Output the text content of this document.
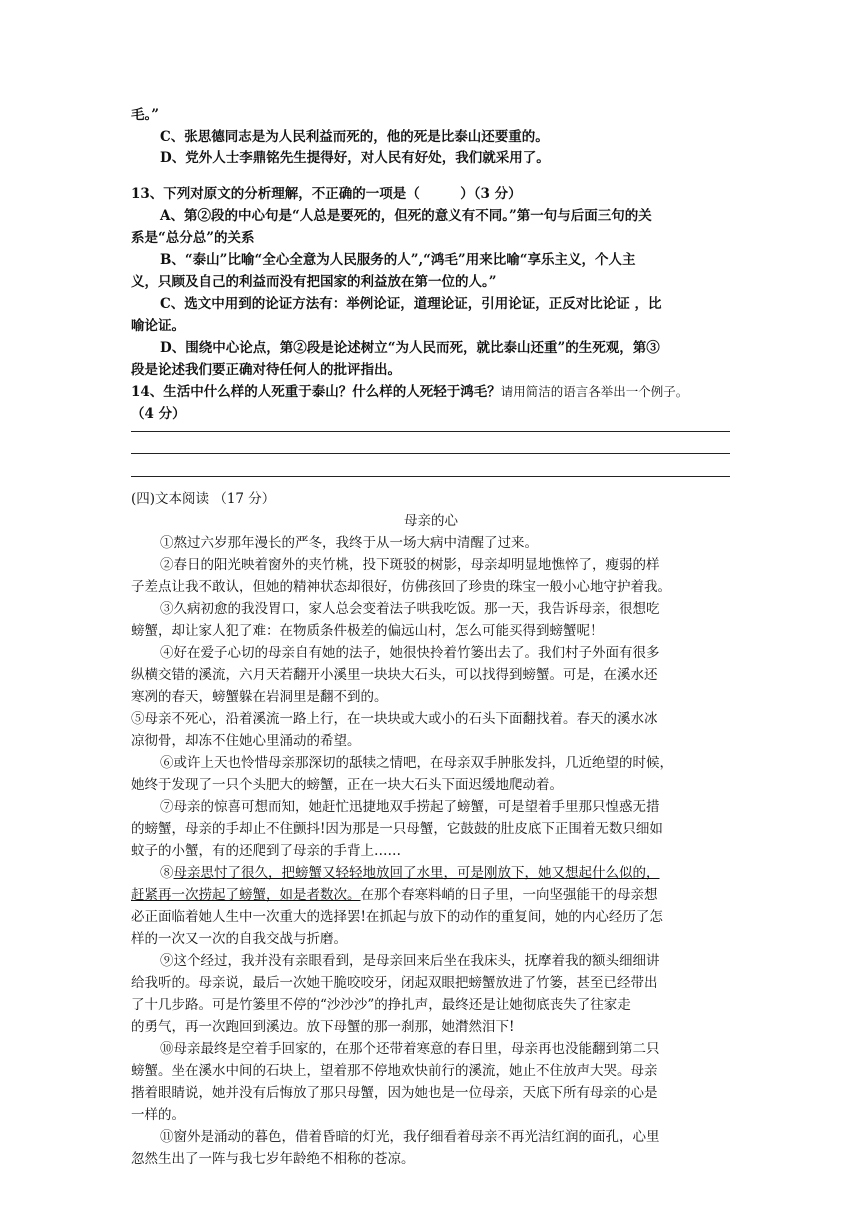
毛。”
C、张思德同志是为人民利益而死的，他的死是比泰山还要重的。
D、党外人士李鼎铭先生提得好，对人民有好处，我们就采用了。
13、下列对原文的分析理解，不正确的一项是（　　　）（3 分）
A、第②段的中心句是“人总是要死的，但死的意义有不同。”第一句与后面三句的关
系是“总分总”的关系
B、“泰山”比喻“全心全意为人民服务的人”,“鸿毛”用来比喻“享乐主义，个人主
义，只顾及自己的利益而没有把国家的利益放在第一位的人。”
C、选文中用到的论证方法有：举例论证，道理论证，引用论证，正反对比论证 ，比
喻论证。
D、围绕中心论点，第②段是论述树立“为人民而死，就比泰山还重”的生死观，第③
段是论述我们要正确对待任何人的批评指出。
14、生活中什么样的人死重于泰山？什么样的人死轻于鸿毛？请用简洁的语言各举出一个例子。
（4 分）
(四)文本阅读 （17 分）
母亲的心
①熬过六岁那年漫长的严冬，我终于从一场大病中清醒了过来。
②春日的阳光映着窗外的夹竹桃，投下斑驳的树影，母亲却明显地憔悴了，瘦弱的样
子差点让我不敢认，但她的精神状态却很好，仿佛孩回了珍贵的珠宝一般小心地守护着我。
③久病初愈的我没胃口，家人总会变着法子哄我吃饭。那一天，我告诉母亲，很想吃
螃蟹，却让家人犯了难：在物质条件极差的偏远山村，怎么可能买得到螃蟹呢！
④好在爱子心切的母亲自有她的法子，她很快拎着竹篓出去了。我们村子外面有很多
纵横交错的溪流，六月天若翻开小溪里一块块大石头，可以找得到螃蟹。可是，在溪水还
寒冽的春天，螃蟹躲在岩洞里是翻不到的。
⑤母亲不死心，沿着溪流一路上行，在一块块或大或小的石头下面翻找着。春天的溪水冰
凉彻骨，却冻不住她心里涌动的希望。
⑥或许上天也怜惜母亲那深切的舐犊之情吧，在母亲双手肿胀发抖，几近绝望的时候，
她终于发现了一只个头肥大的螃蟹，正在一块大石头下面迟缓地爬动着。
⑦母亲的惊喜可想而知，她赶忙迅捷地双手捞起了螃蟹，可是望着手里那只惶惑无措
的螃蟹，母亲的手却止不住颤抖!因为那是一只母蟹，它鼓鼓的肚皮底下正围着无数只细如
蚊子的小蟹，有的还爬到了母亲的手背上……
⑧母亲思忖了很久，把螃蟹又轻轻地放回了水里，可是刚放下，她又想起什么似的，
赶紧再一次捞起了螃蟹，如是者数次。在那个春寒料峭的日子里，一向坚强能干的母亲想
必正面临着她人生中一次重大的选择罢!在抓起与放下的动作的重复间，她的内心经历了怎
样的一次又一次的自我交战与折磨。
⑨这个经过，我并没有亲眼看到，是母亲回来后坐在我床头，抚摩着我的额头细细讲
给我听的。母亲说，最后一次她干脆咬咬牙，闭起双眼把螃蟹放进了竹篓，甚至已经带出
了十几步路。可是竹篓里不停的“沙沙沙”的挣扎声，最终还是让她彻底丧失了往家走
的勇气，再一次跑回到溪边。放下母蟹的那一刹那，她潸然泪下!
⑩母亲最终是空着手回家的，在那个还带着寒意的春日里，母亲再也没能翻到第二只
螃蟹。坐在溪水中间的石块上，望着那不停地欢快前行的溪流，她止不住放声大哭。母亲
揩着眼睛说，她并没有后悔放了那只母蟹，因为她也是一位母亲，天底下所有母亲的心是
一样的。
⑪窗外是涌动的暮色，借着昏暗的灯光，我仔细看着母亲不再光洁红润的面孔，心里
忽然生出了一阵与我七岁年龄绝不相称的苍凉。
